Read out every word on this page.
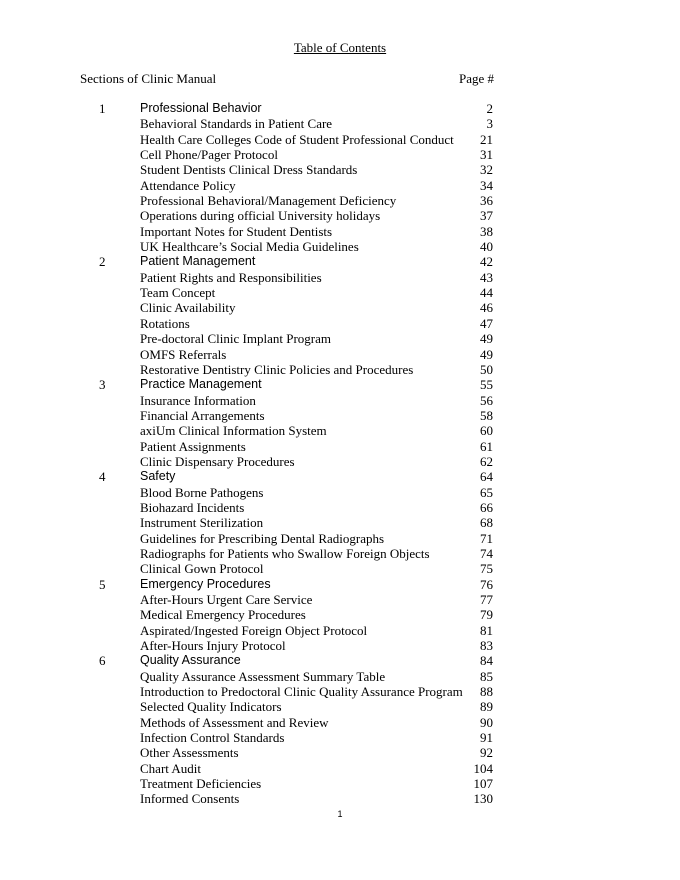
Table of Contents
Sections of Clinic Manual	Page #
1	Professional Behavior	2
Behavioral Standards in Patient Care	3
Health Care Colleges Code of Student Professional Conduct 21
Cell Phone/Pager Protocol	31
Student Dentists Clinical Dress Standards	32
Attendance Policy	34
Professional Behavioral/Management Deficiency	36
Operations during official University holidays	37
Important Notes for Student Dentists	38
UK Healthcare’s Social Media Guidelines	40
2	Patient Management	42
Patient Rights and Responsibilities	43
Team Concept	44
Clinic Availability	46
Rotations	47
Pre-doctoral Clinic Implant Program	49
OMFS Referrals	49
Restorative Dentistry Clinic Policies and Procedures	50
3	Practice Management	55
Insurance Information	56
Financial Arrangements	58
axiUm Clinical Information System	60
Patient Assignments	61
Clinic Dispensary Procedures	62
4	Safety	64
Blood Borne Pathogens	65
Biohazard Incidents	66
Instrument Sterilization	68
Guidelines for Prescribing Dental Radiographs	71
Radiographs for Patients who Swallow Foreign Objects	74
Clinical Gown Protocol	75
5	Emergency Procedures	76
After-Hours Urgent Care Service	77
Medical Emergency Procedures	79
Aspirated/Ingested Foreign Object Protocol	81
After-Hours Injury Protocol	83
6	Quality Assurance	84
Quality Assurance Assessment Summary Table	85
Introduction to Predoctoral Clinic Quality Assurance Program 88
Selected Quality Indicators	89
Methods of Assessment and Review	90
Infection Control Standards	91
Other Assessments	92
Chart Audit	104
Treatment Deficiencies	107
Informed Consents	130
1
